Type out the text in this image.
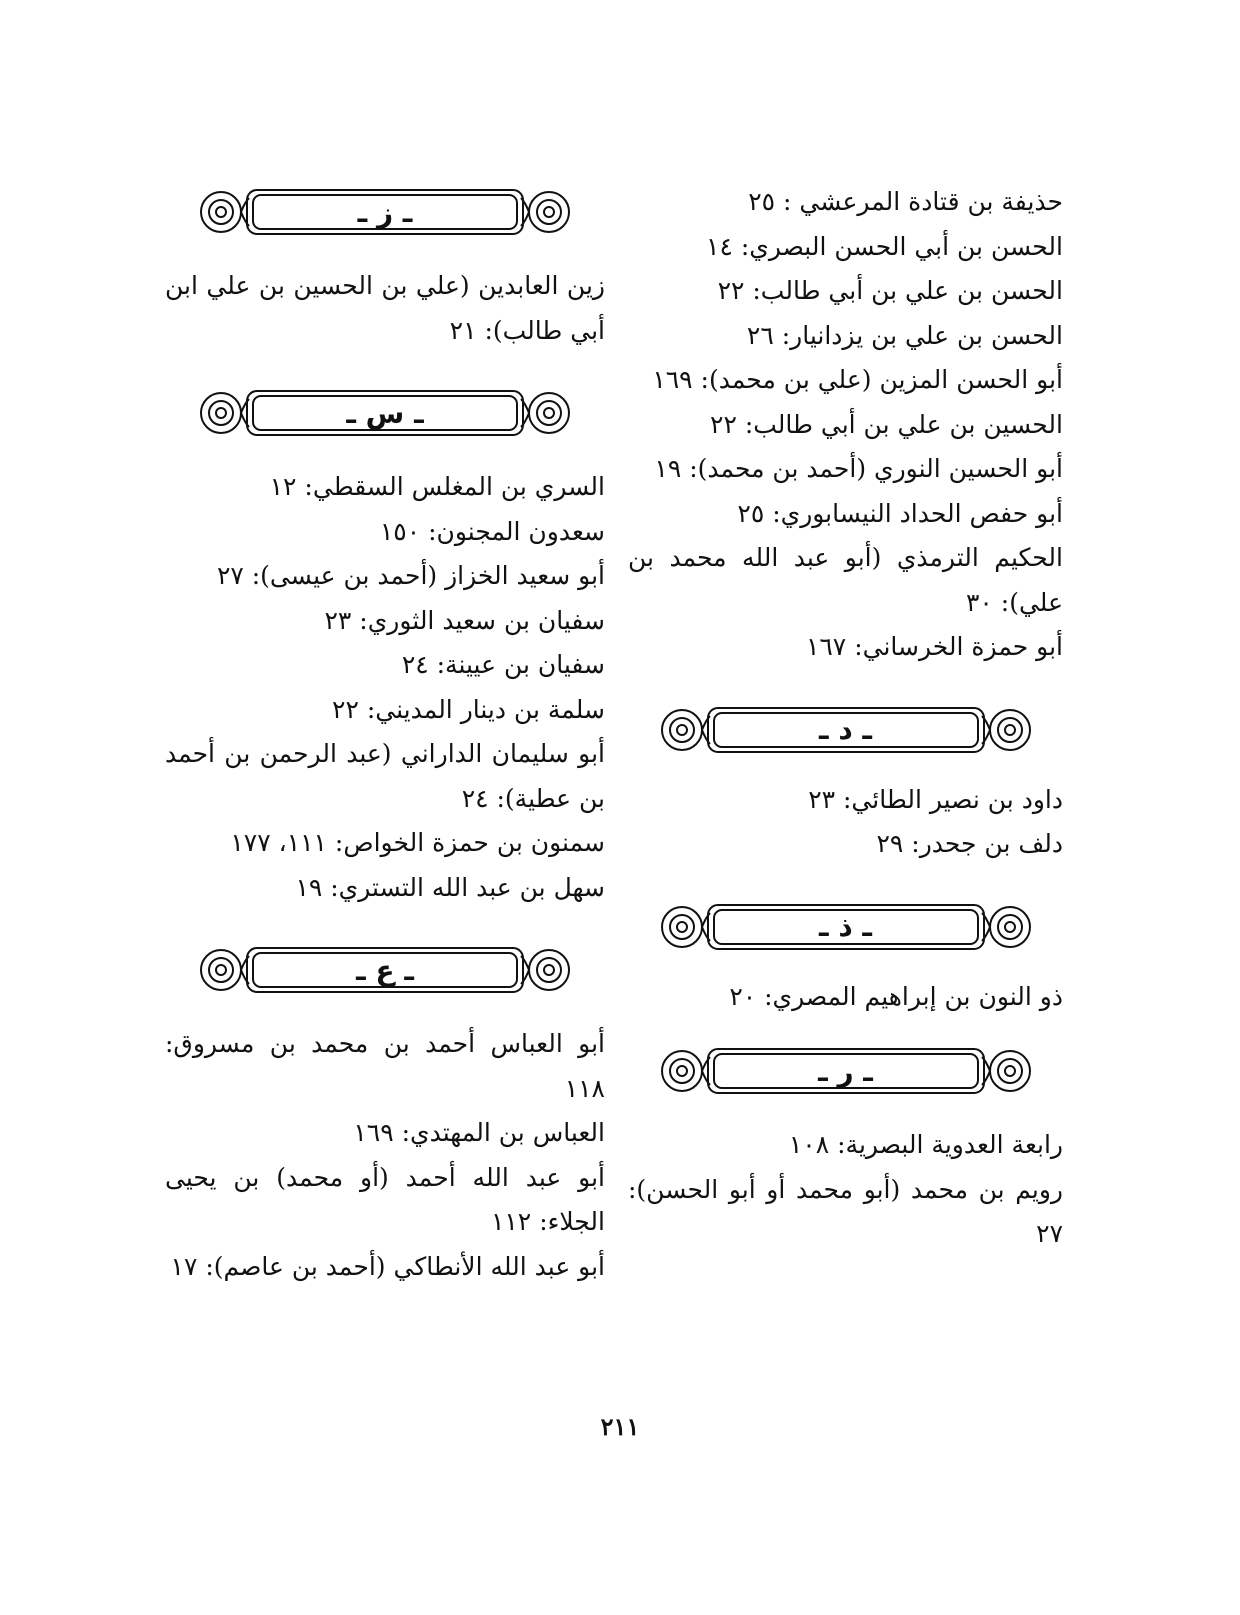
حذيفة بن قتادة المرعشي : ٢٥

الحسن بن أبي الحسن البصري: ١٤

الحسن بن علي بن أبي طالب: ٢٢

الحسن بن علي بن يزدانيار: ٢٦

أبو الحسن المزين (علي بن محمد): ١٦٩

الحسين بن علي بن أبي طالب: ٢٢

أبو الحسين النوري (أحمد بن محمد): ١٩

أبو حفص الحداد النيسابوري: ٢٥

الحكيم الترمذي (أبو عبد الله محمد بن علي): ٣٠

أبو حمزة الخرساني: ١٦٧

ـ د ـ

داود بن نصير الطائي: ٢٣

دلف بن جحدر: ٢٩

ـ ذ ـ

ذو النون بن إبراهيم المصري: ٢٠

ـ ر ـ

رابعة العدوية البصرية: ١٠٨

رويم بن محمد (أبو محمد أو أبو الحسن): ٢٧

ـ ز ـ

زين العابدين (علي بن الحسين بن علي ابن أبي طالب): ٢١

ـ س ـ

السري بن المغلس السقطي: ١٢

سعدون المجنون: ١٥٠

أبو سعيد الخزاز (أحمد بن عيسى): ٢٧

سفيان بن سعيد الثوري: ٢٣

سفيان بن عيينة: ٢٤

سلمة بن دينار المديني: ٢٢

أبو سليمان الداراني (عبد الرحمن بن أحمد بن عطية): ٢٤

سمنون بن حمزة الخواص: ١١١، ١٧٧

سهل بن عبد الله التستري: ١٩

ـ ع ـ

أبو العباس أحمد بن محمد بن مسروق: ١١٨

العباس بن المهتدي: ١٦٩

أبو عبد الله أحمد (أو محمد) بن يحيى الجلاء: ١١٢

أبو عبد الله الأنطاكي (أحمد بن عاصم): ١٧

٢١١
